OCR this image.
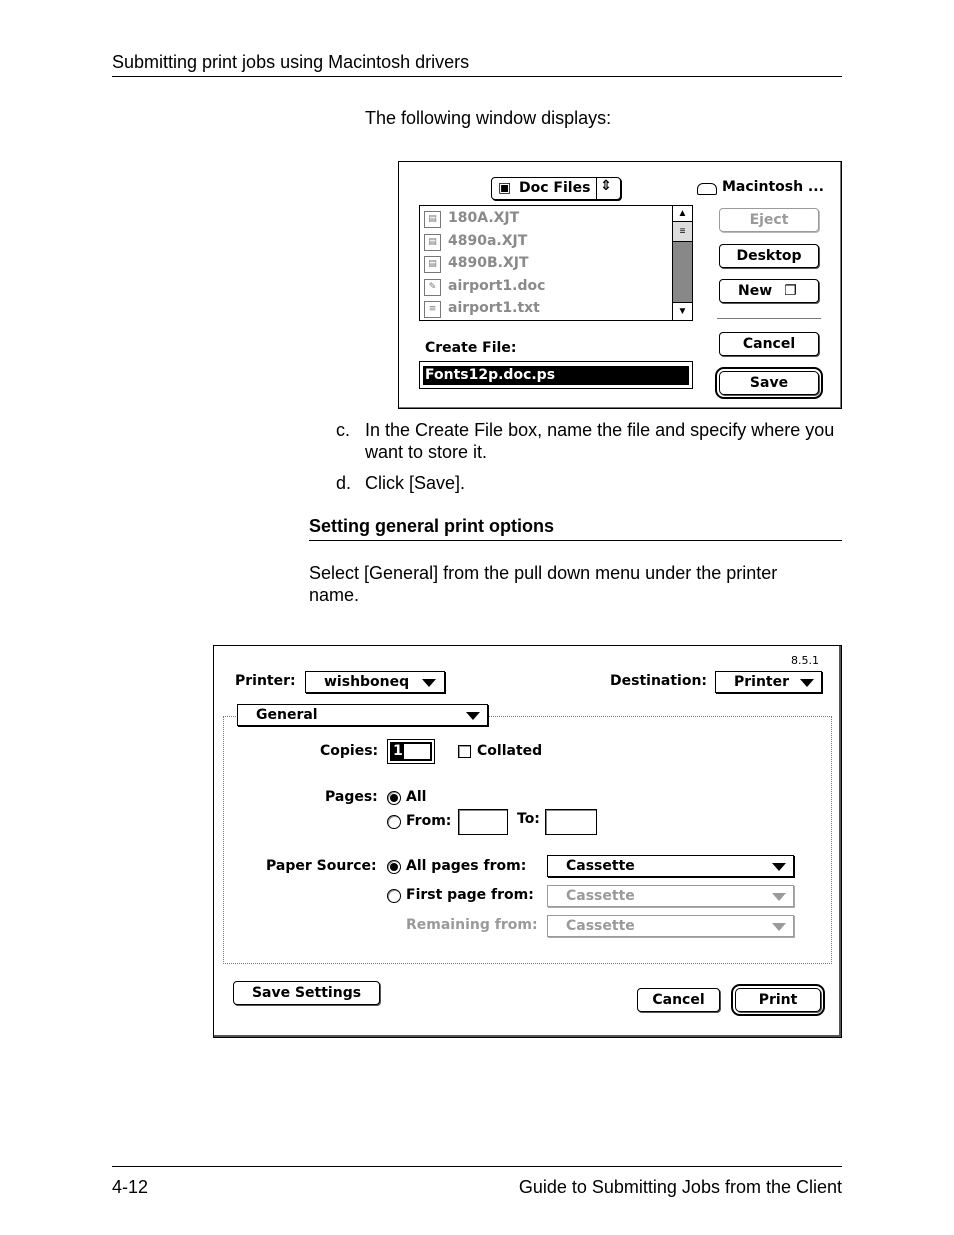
Submitting print jobs using Macintosh drivers
The following window displays:
▣ Doc Files ⇕	Macintosh ...
▤ 180A.XJT
▤ 4890a.XJT
▤ 4890B.XJT
✎ airport1.doc
≡ airport1.txt
▲
≡
▼
Eject
Desktop
New ❐
Cancel
Save
Create File:
Fonts12p.doc.ps
c. In the Create File box, name the file and specify where you want to store it.
d. Click [Save].
Setting general print options
Select [General] from the pull down menu under the printer name.
8.5.1
Printer: wishboneq	Destination: Printer
General
Copies: 1	Collated
Pages: All
From:	To:
Paper Source: All pages from:	Cassette
First page from: Cassette
Remaining from: Cassette
Save Settings	Cancel	Print
4-12	Guide to Submitting Jobs from the Client
